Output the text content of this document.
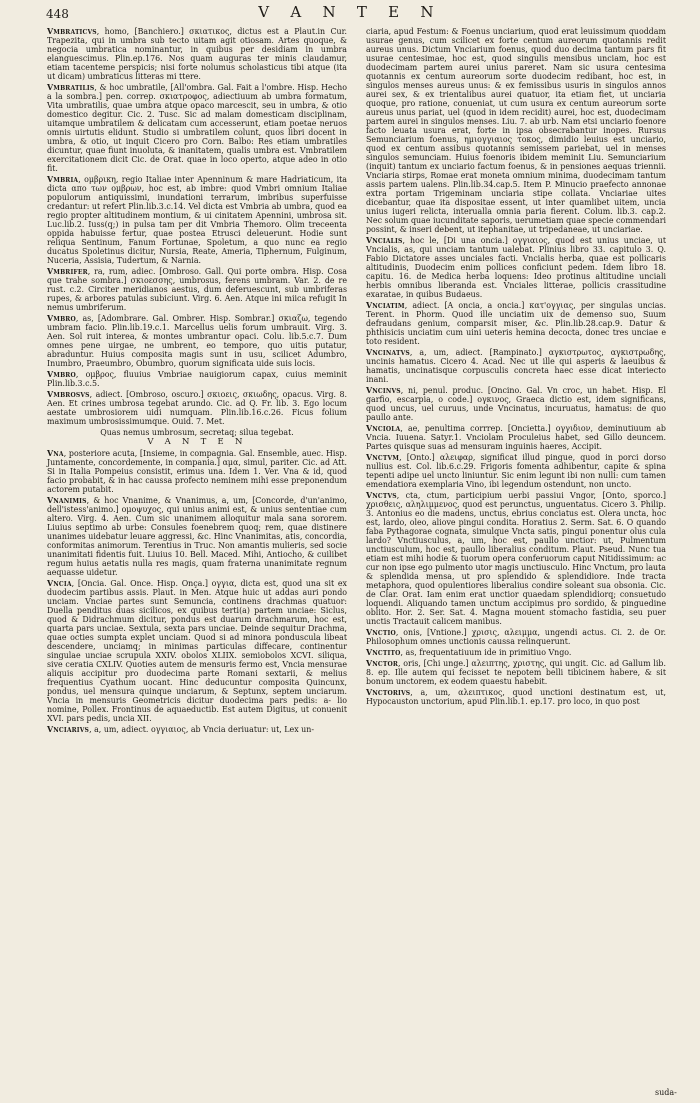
448	V A N T E N
Vmbraticvs, homo, [Banchiero.] σκιατικος, dictus est a Plaut.in Cur. Trapezita, qui in umbra sub tecto uitam agit otiosam. Artes quoque, & negocia umbratica nominantur, in quibus per desidiam in umbra elanguescimus. Plin.ep.176. Nos quam auguras ter minis claudamur, etiam tacenteme perspicis; nisi forte nolumus scholasticus tibi atque (ita ut dicam) umbraticus litteras mi ttere.
Vmbratilis, & hoc umbratile, [All'ombra. Gal. Fait a l'ombre. Hisp. Hecho a la sombra.] pen. correp. σκιατροφος, adiectiuum ab umbra formatum, Vita umbratilis, quae umbra atque opaco marcescit, seu in umbra, & otio domestico degitur. Cic. 2. Tusc. Sic ad malam domesticam disciplinam, uitamque umbratilem & delicatam cum accesserunt, etiam poetae neruos omnis uirtutis elidunt. Studio si umbratilem colunt, quos libri docent in umbra, & otio, ut inquit Cicero pro Corn. Balbo: Res etiam umbratiles dicuntur, quae fiunt inuoluta, & inanitatem, qualis umbra est. Vmbratilem exercitationem dicit Cic. de Orat. quae in loco operto, atque adeo in otio fit.
Vmbria, ομβρικη, regio Italiae inter Apenninum & mare Hadriaticum, ita dicta απο των ομβρων, hoc est, ab imbre: quod Vmbri omnium Italiae populorum antiquissimi, inundationi terrarum, imbribus superfuisse credantur: ut refert Plin.lib.3.c.14. Vel dicta est Vmbria ab umbra, quod ea regio propter altitudinem montium, & ui cinitatem Apennini, umbrosa sit. Luc.lib.2. Iuss(q;) in pulsa tam per dit Vmbria Themoro. Olim treceenta oppida habuisse fertur, quae postea Etrusci deleuerunt. Hodie sunt reliqua Sentinum, Fanum Fortunae, Spoletum, a quo nunc ea regio ducatus Spoletinus dicitur, Nursia, Reate, Ameria, Tiphernum, Fulginum, Nuceria, Assisia, Tudertum, & Narnia.
Vmbrifer, ra, rum, adiec. [Ombroso. Gall. Qui porte ombra. Hisp. Cosa que trahe sombra.] σκιοεσσης, umbrosus, ferens umbram. Var. 2. de re rust. c.2. Circiter meridianos aestus, dum deferuescunt, sub umbriferas rupes, & arbores patulas subiciunt. Virg. 6. Aen. Atque ini miica refugit In nemus umbriferum.
Vmbro, as, [Adombrare. Gal. Ombrer. Hisp. Sombrar.] σκιαζω, tegendo umbram facio. Plin.lib.19.c.1. Marcellus uelis forum umbrauit. Virg. 3. Aen. Sol ruit interea, & montes umbrantur opaci. Colu. lib.5.c.7. Dum omnes pene uirgae, ne umbrent, eo tempore, quo uitis putatur, abraduntur. Huius composita magis sunt in usu, scilicet Adumbro, Inumbro, Praeumbro, Obumbro, quorum significata uide suis locis.
Vmbro, ομβρος, fluuius Vmbriae nauigiorum capax, cuius meminit Plin.lib.3.c.5.
Vmbrosvs, adiect. [Ombroso, oscuro.] σκιοεις, σκιωδης, opacus. Virg. 8. Aen. Et crines umbrosa tegebat arundo. Cic. ad Q. Fr. lib. 3. Ego locum aestate umbrosiorem uidi numquam. Plin.lib.16.c.26. Ficus folium maximum umbrosissimumque. Ouid. 7. Met.
Quas nemus umbrosum, secretaq; silua tegebat.
V A N T E N
Vna, posteriore acuta, [Insieme, in compagnia. Gal. Ensemble, auec. Hisp. Juntamente, concordemente, in compania.] αμα, simul, pariter. Cic. ad Att. Si in Italia Pompeius consistit, erimus una. Idem 1. Ver. Vna & id, quod facio probabit, & in hac caussa profecto neminem mihi esse preponendum actorem putabit.
Vnanimis, & hoc Vnanime, & Vnanimus, a, um, [Concorde, d'un'animo, dell'istess'animo.] ομοψυχος, qui unius animi est, & unius sententiae cum altero. Virg. 4. Aen. Cum sic unanimem alloquitur mala sana sororem. Liuius septimo ab urbe: Consules foenebrem quoq; rem, quae distinere unanimes uidebatur leuare aggressi, &c. Hinc Vnanimitas, atis, concordia, conformitas animorum. Terentius in Truc. Non amantis mulieris, sed socie unanimitati fidentis fuit. Liuius 10. Bell. Maced. Mihi, Antiocho, & cuilibet regum huius aetatis nulla res magis, quam fraterna unanimitate regnum aequasse uidetur.
Vncia, [Oncia. Gal. Once. Hisp. Onça.] ογγια, dicta est, quod una sit ex duodecim partibus assis. Plaut. in Men. Atque huic ut addas auri pondo unciam. Vnciae partes sunt Semuncia, continens drachmas quatuor: Duella penditus duas sicilicos, ex quibus terti(a) partem unciae: Siclus, quod & Didrachmum dicitur, pondus est duarum drachmarum, hoc est, quarta pars unciae. Sextula, sexta pars unciae. Deinde sequitur Drachma, quae octies sumpta explet unciam. Quod si ad minora ponduscula libeat descendere, unciamq; in minimas particulas diffecare, continentur singulae unciae scrupula XXIV. obolos XLIIX. semiobolos XCVI. siliqua, sive ceratia CXLIV. Quoties autem de mensuris fermo est, Vncia mensurae aliquis accipitur pro duodecima parte Romani sextarii, & melius frequentius Cyathum uocant. Hinc deducuntur composita Quincunx, pondus, uel mensura quinque unciarum, & Septunx, septem unciarum. Vncia in mensuris Geometricis dicitur duodecima pars pedis: a- lio nomine, Pollex. Frontinus de aquaeductib. Est autem Digitus, ut conuenit XVI. pars pedis, uncia XII.
Vnciarivs, a, um, adiect. ογγιαιος, ab Vncia deriuatur: ut, Lex un-
ciaria, apud Festum: & Foenus unciarium, quod erat leuissimum quoddam usurae genus, cum scilicet ex forte centum aureorum quotannis redit aureus unus. Dictum Vnciarium foenus, quod duo decima tantum pars fit usurae centesimae, hoc est, quod singulis mensibus unciam, hoc est duodecimam partem aurei unius pareret. Nam sic usura centesima quotannis ex centum aureorum sorte duodecim redibant, hoc est, in singulos menses aureus unus: & ex femissibus usuris in singulos annos aurei sex, & ex trientalibus aurei quatuor, ita etiam fiet, ut unciaria quoque, pro ratione, conueniat, ut cum usura ex centum aureorum sorte aureus unus pariat, uel (quod in idem recidit) aurei, hoc est, duodecimam partem aurei in singulos menses. Liu. 7. ab urb. Nam etsi unciario foenore facto leuata usura erat, forte in ipsa obsecrabantur inopes. Rursus Semunciarium foenus, ημιογγιαιος τοκος, dimidio leuius est unciario, quod ex centum assibus quotannis semissem pariebat, uel in menses singulos semunciam. Huius foenoris ibidem meminit Liu. Semunciarium (inquit) tantum ex unciario factum foenus, & in pensiones aequas triennii. Vnciaria stirps, Romae erat moneta omnium minima, duodecimam tantum assis partem ualens. Plin.lib.34.cap.5. Item P. Minucio praefecto annonae extra portam Trigeminam unciaria stipe collata. Vnciariae uites dicebantur, quae ita dispositae essent, ut inter quamlibet uitem, uncia unius iugeri relicta, interualla omnia paria fierent. Colum. lib.3. cap.2. Nec solum quae iucunditate saporis, uerumetiam quae specie commendari possint, & inseri debent, ut itephanitae, ut tripedaneae, ut unciariae.
Vncialis, hoc le, [Di una oncia.] ογγιαιος, quod est unius unciae, ut Vncialis, as, qui unciam tantum ualebat. Plinius libro 33. capitulo 3. Q. Fabio Dictatore asses unciales facti. Vncialis herba, quae est pollicaris altitudinis, Duodecim enim pollices conficiunt pedem. Idem libro 18. capitu. 16. de Medica herba loquens: Ideo protinus altitudine unciali herbis omnibus liberanda est. Vnciales litterae, pollicis crassitudine exaratae, in quibus Budaeus.
Vnciatim, adiect. [A oncia, a oncia.] κατ'ογγιας, per singulas uncias. Terent. in Phorm. Quod ille unciatim uix de demenso suo, Suum defraudans genium, comparsit miser, &c. Plin.lib.28.cap.9. Datur & phthisicis unciatim cum uini ueteris hemina decocta, donec tres unciae e toto resident.
Vncinatvs, a, um, adiect. [Rampinato.] αγκιστρωτος, αγκιστρωδης, uncinis hamatus. Cicero 4. Acad. Nec ut ille qui asperis & laeuibus & hamatis, uncinatisque corpusculis concreta haec esse dicat interiecto inani.
Vncinvs, ni, penul. produc. [Oncino. Gal. Vn croc, un habet. Hisp. El garfio, escarpia, o code.] ογκινος, Graeca dictio est, idem significans, quod uncus, uel curuus, unde Vncinatus, incuruatus, hamatus: de quo paullo ante.
Vnciola, ae, penultima corrrep. [Oncietta.] ογγιδιον, deminutiuum ab Vncia. Iuuena. Satyr.1. Vnciolam Proculeius habet, sed Gillo deuncem. Partes quisque suas ad mensuram inguinis haeres, Accipit.
Vnctvm, [Onto.] αλειφαρ, significat illud pingue, quod in porci dorso nullius est. Col. lib.6.c.29. Frigoris fomenta adhibentur, capite & spina tepenti adipe uel uncto liniuntur. Sic enim legunt ibi non nulli: cum tamen emendatiora exemplaria Vino, ibi legendum ostendunt, non uncto.
Vnctvs, cta, ctum, participium uerbi passiui Vngor, [Onto, sporco.] χρισθεις, αληλιμμενος, quod est perunctus, unguentatus. Cicero 3. Philip. 3. Antonius eo die madens, unctus, ebrius conciatus est. Olera uncta, hoc est, lardo, oleo, aliove pingui condita. Horatius 2. Serm. Sat. 6. O quando faba Pythagorae cognata, simulque Vncta satis, pingui ponentur olus cula lardo? Vnctiusculus, a, um, hoc est, paullo unctior: ut, Pulmentum unctiusculum, hoc est, paullo liberalius conditum. Plaut. Pseud. Nunc tua etiam est mihi hodie & tuorum opera conferuorum caput Nitidissimum: ac cur non ipse ego pulmento utor magis unctiusculo. Hinc Vnctum, pro lauta & splendida mensa, ut pro splendido & splendidiore. Inde tracta metaphora, quod opulentiores liberalius condire soleant sua obsonia. Cic. de Clar. Orat. Iam enim erat unctior quaedam splendidiorq; consuetudo loquendi. Aliquando tamen unctum accipimus pro sordido, & pinguedine oblito. Hor. 2. Ser. Sat. 4. Magna mouent stomacho fastidia, seu puer unctis Tractauit calicem manibus.
Vnctio, onis, [Vntione.] χρισις, αλειμμα, ungendi actus. Ci. 2. de Or. Philosophum omnes unctionis caussa relinquerunt.
Vnctito, as, frequentatiuum ide in primitiuo Vngo.
Vnctor, oris, [Chi unge.] αλειπτης, χριστης, qui ungit. Cic. ad Gallum lib. 8. ep. Ille autem qui fecisset te nepotem belli tibicinem habere, & sit bonum unctorem, ex eodem quaestu habebit.
Vnctorivs, a, um, αλειπτικος, quod unctioni destinatum est, ut, Hypocauston unctorium, apud Plin.lib.1. ep.17. pro loco, in quo post
suda-
